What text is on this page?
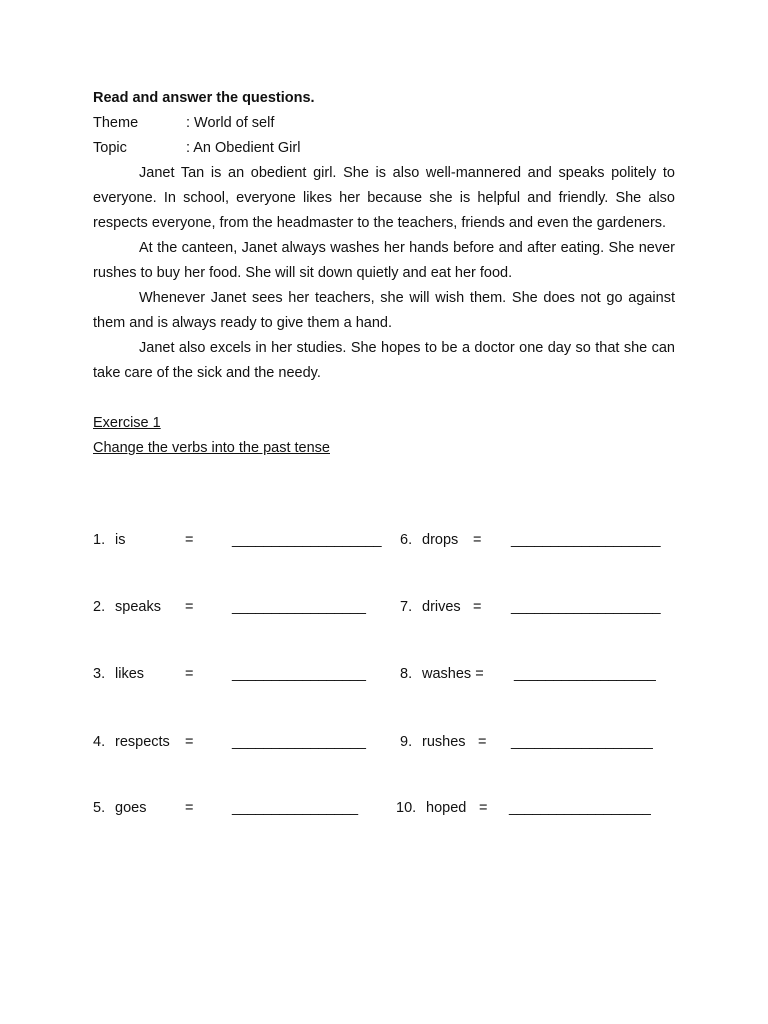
Read and answer the questions.
Theme	: World of self
Topic	: An Obedient Girl

Janet Tan is an obedient girl. She is also well-mannered and speaks politely to everyone. In school, everyone likes her because she is helpful and friendly. She also respects everyone, from the headmaster to the teachers, friends and even the gardeners.

At the canteen, Janet always washes her hands before and after eating. She never rushes to buy her food. She will sit down quietly and eat her food.

Whenever Janet sees her teachers, she will wish them. She does not go against them and is always ready to give them a hand.

Janet also excels in her studies. She hopes to be a doctor one day so that she can take care of the sick and the needy.

Exercise 1
Change the verbs into the past tense
1. is	=	___________________ 6. drops = ___________________
2. speaks =	_________________ 7. drives = ___________________
3. likes	=	_________________ 8. washes = __________________
4. respects =	_________________ 9. rushes = __________________
5. goes	=	________________	10. hoped = __________________
